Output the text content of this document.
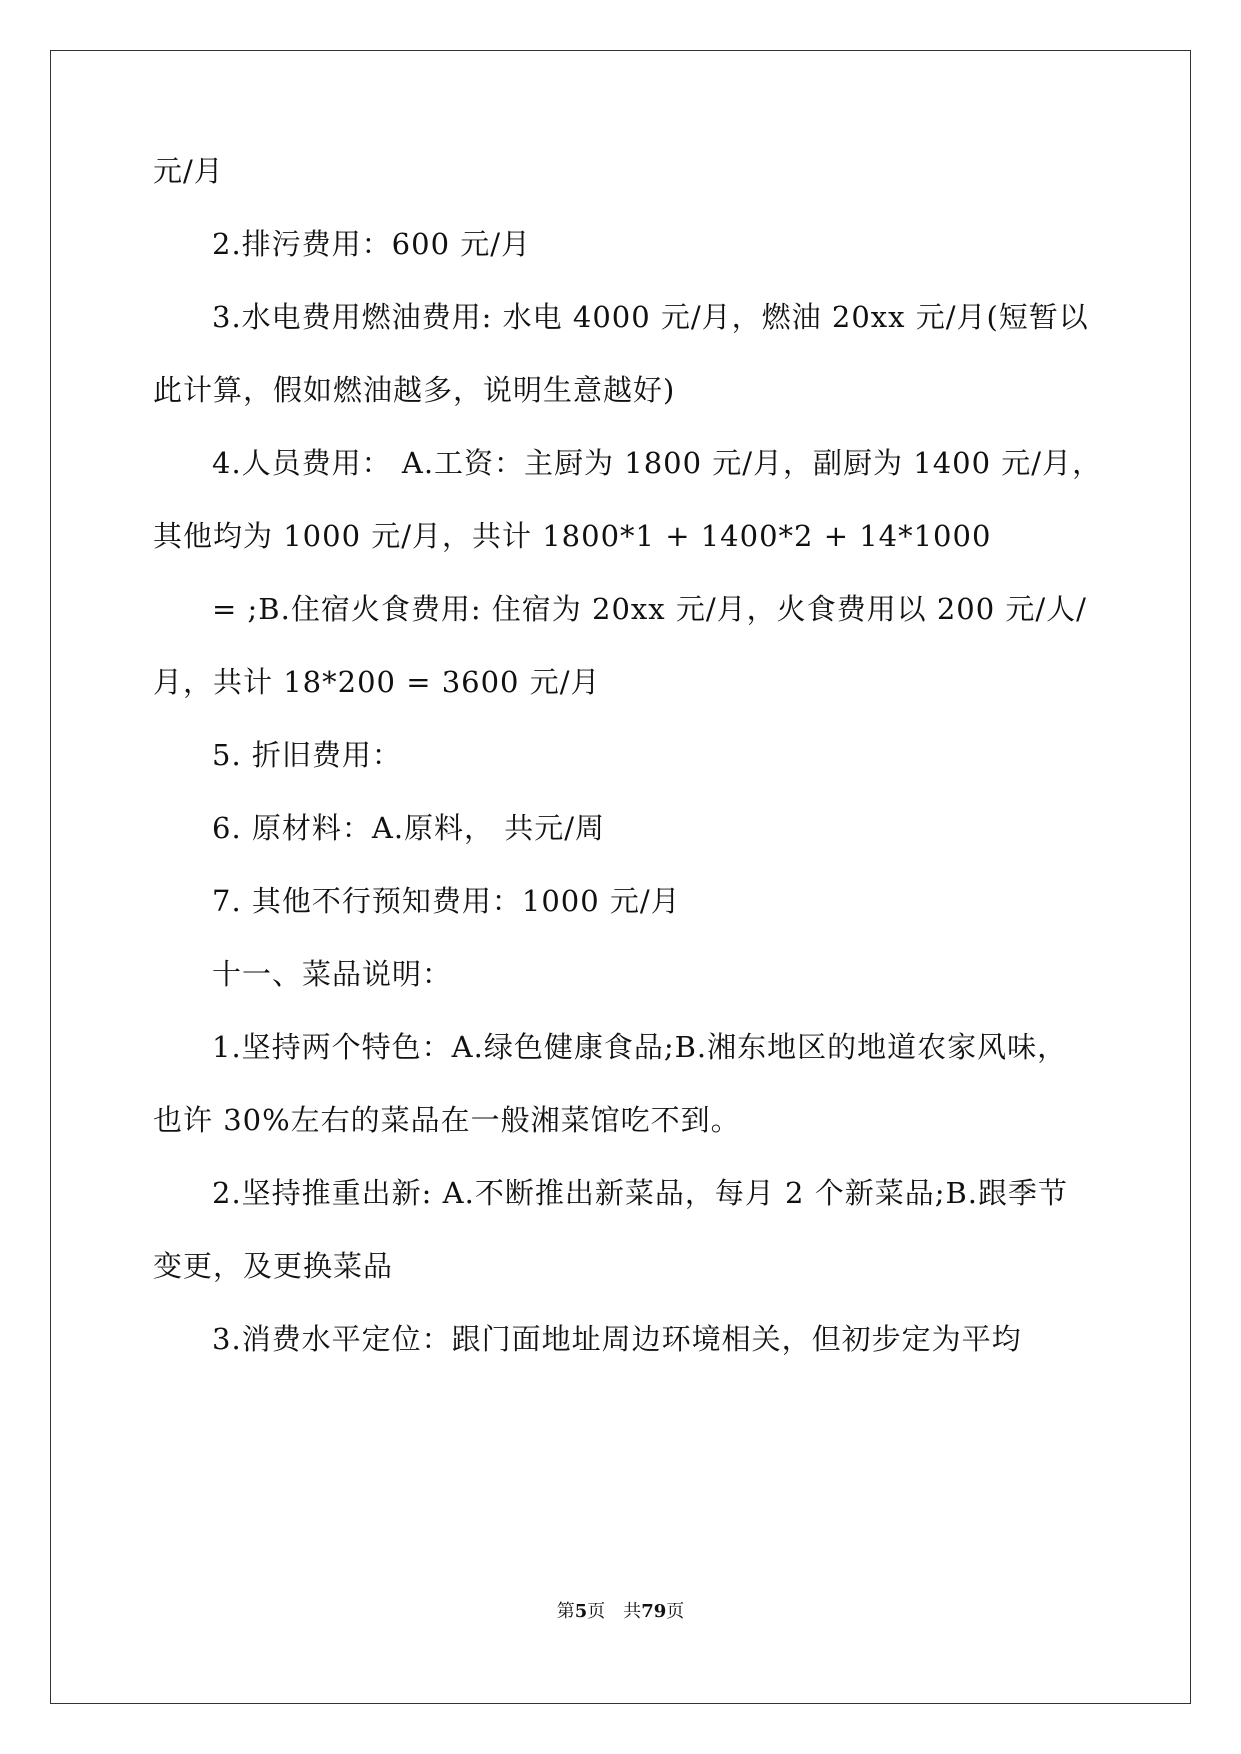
元/月
2.排污费用：600 元/月
3.水电费用燃油费用: 水电 4000 元/月，燃油 20xx 元/月(短暂以
此计算，假如燃油越多，说明生意越好)
4.人员费用： A.工资：主厨为 1800 元/月，副厨为 1400 元/月，
其他均为 1000 元/月，共计 1800*1 + 1400*2 + 14*1000
= ;B.住宿火食费用: 住宿为 20xx 元/月，火食费用以 200 元/人/
月，共计 18*200 = 3600 元/月
5. 折旧费用：
6. 原材料：A.原料， 共元/周
7. 其他不行预知费用：1000 元/月
十一、菜品说明：
1.坚持两个特色：A.绿色健康食品;B.湘东地区的地道农家风味，
也许 30%左右的菜品在一般湘菜馆吃不到。
2.坚持推重出新: A.不断推出新菜品，每月 2 个新菜品;B.跟季节
变更，及更换菜品
3.消费水平定位：跟门面地址周边环境相关，但初步定为平均
第5页 共79页
